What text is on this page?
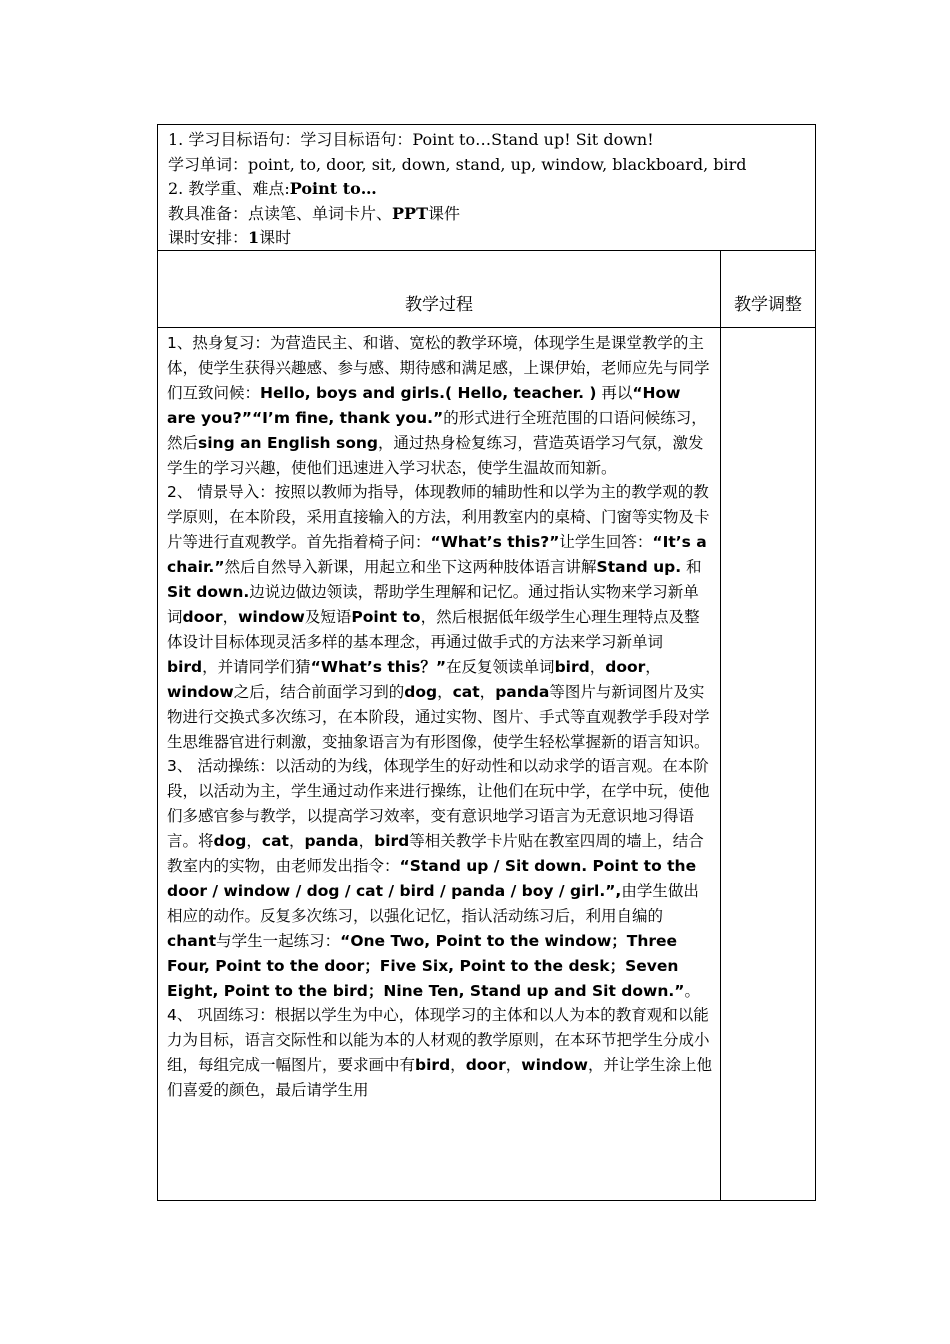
1. 学习目标语句：学习目标语句：Point to…Stand up! Sit down!
学习单词：point, to, door, sit, down, stand, up, window, blackboard, bird
2. 教学重、难点:Point to…
教具准备：点读笔、单词卡片、PPT课件
课时安排：1课时
教学过程	教学调整

1、热身复习：为营造民主、和谐、宽松的教学环境，体现学生是课堂教学的主体，使学生获得兴趣感、参与感、期待感和满足感，上课伊始，老师应先与同学们互致问候：Hello, boys and girls.( Hello, teacher. ) 再以“How are you?”“I’m fine, thank you.”的形式进行全班范围的口语问候练习，然后sing an English song，通过热身检复练习，营造英语学习气氛，激发学生的学习兴趣，使他们迅速进入学习状态，使学生温故而知新。

2、 情景导入：按照以教师为指导，体现教师的辅助性和以学为主的教学观的教学原则，在本阶段，采用直接输入的方法，利用教室内的桌椅、门窗等实物及卡片等进行直观教学。首先指着椅子问：“What’s this?”让学生回答：“It’s a chair.”然后自然导入新课，用起立和坐下这两种肢体语言讲解Stand up. 和Sit down.边说边做边领读，帮助学生理解和记忆。通过指认实物来学习新单词door，window及短语Point to，然后根据低年级学生心理生理特点及整体设计目标体现灵活多样的基本理念，再通过做手式的方法来学习新单词bird，并请同学们猜“What’s this？”在反复领读单词bird，door，window之后，结合前面学习到的dog，cat，panda等图片与新词图片及实物进行交换式多次练习，在本阶段，通过实物、图片、手式等直观教学手段对学生思维器官进行刺激，变抽象语言为有形图像，使学生轻松掌握新的语言知识。

3、 活动操练：以活动的为线，体现学生的好动性和以动求学的语言观。在本阶段，以活动为主，学生通过动作来进行操练，让他们在玩中学，在学中玩，使他们多感官参与教学，以提高学习效率，变有意识地学习语言为无意识地习得语言。将dog，cat，panda，bird等相关教学卡片贴在教室四周的墙上，结合教室内的实物，由老师发出指令：“Stand up / Sit down. Point to the door / window / dog / cat / bird / panda / boy / girl.”,由学生做出相应的动作。反复多次练习，以强化记忆，指认活动练习后，利用自编的chant与学生一起练习：“One Two, Point to the window；Three Four, Point to the door；Five Six, Point to the desk；Seven Eight, Point to the bird；Nine Ten, Stand up and Sit down.”。

4、 巩固练习：根据以学生为中心，体现学习的主体和以人为本的教育观和以能力为目标，语言交际性和以能为本的人材观的教学原则，在本环节把学生分成小组，每组完成一幅图片，要求画中有bird，door，window，并让学生涂上他们喜爱的颜色，最后请学生用
